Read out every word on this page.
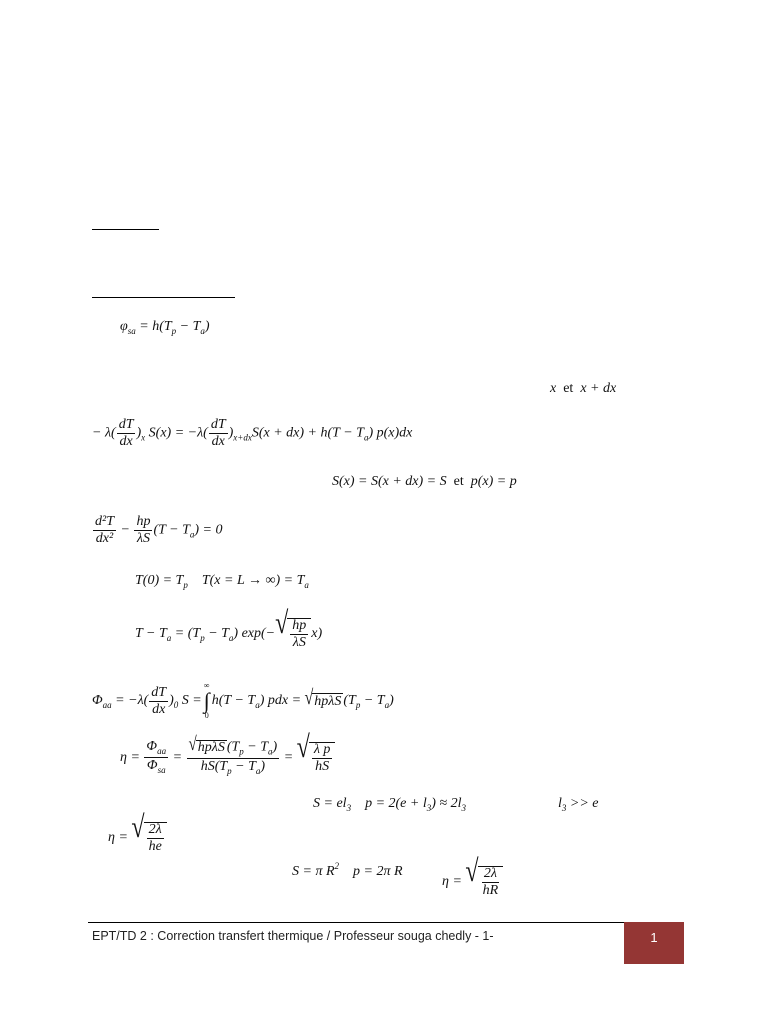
$\varphi_{sa} = h(T_p - T_a)$
x et x + dx
− $\lambda( \frac{dT}{dx} )_x$ $S(x) = -\lambda( \frac{dT}{dx} )_{x+dx}S(x + dx) + h(T - T_a)$ p(x)dx
S(x) = S(x + dx) = S et p(x) = p
$\frac{\text{d²T}}{\text{dx²}} - \frac{hp}{\lambda S} (T - T_a) = 0$
$T(0) = T_p$ T(x = L → ∞) = $T_a$
$T - T_a = (T_p - T_a)$ exp(− √ $\frac{hp}{\lambda S} x$)
$\Phi_{aa} = -\lambda( \frac{dT}{dx} )_0$ S =
∞
∫
0
$h(T - T_a)$ pdx = √ hpλS $(T_p - T_a)$
$\eta = \frac{\Phi_{aa}}{\Phi_{sa}} = \frac{√ hp\lambda S (T_p - T_a)}{hS(T_p - T_a)}$ = √ $\frac{\text{λ p}}{hS}$
$S = el_3$ $p = 2(e + l_3) \approx 2l_3$	$l_3 >> e$
η = √ $\frac{2\lambda}{he}$
S = π $R^2$ p = 2π R
η = √ $\frac{2\lambda}{hR}$
EPT/TD 2 : Correction transfert thermique / Professeur souga chedly - 1-	1
